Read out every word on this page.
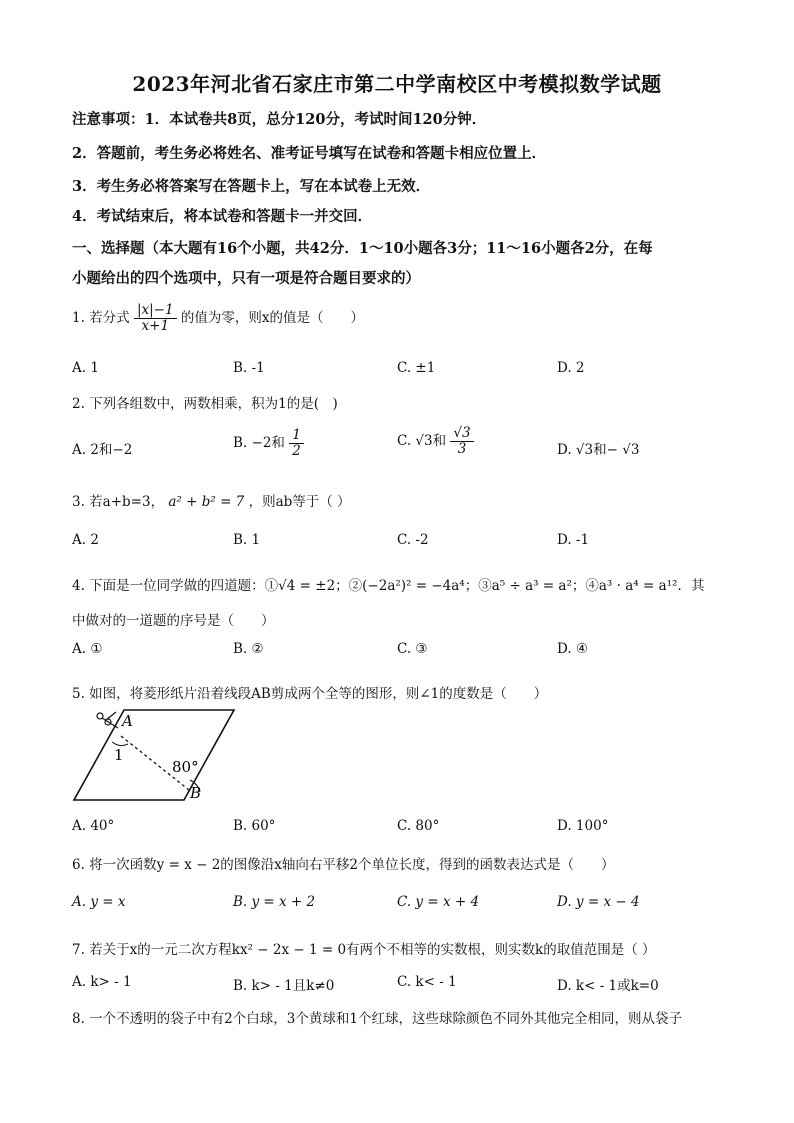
2023年河北省石家庄市第二中学南校区中考模拟数学试题
注意事项：1．本试卷共8页，总分120分，考试时间120分钟．
2．答题前，考生务必将姓名、准考证号填写在试卷和答题卡相应位置上．
3．考生务必将答案写在答题卡上，写在本试卷上无效．
4．考试结束后，将本试卷和答题卡一并交回．
一、选择题（本大题有16个小题，共42分．1～10小题各3分；11～16小题各2分，在每
小题给出的四个选项中，只有一项是符合题目要求的）
1. 若分式 $\frac{|x|-1}{x+1}$ 的值为零，则x的值是（　　）
A. 1	B. -1	C. ±1	D. 2
2. 下列各组数中，两数相乘，积为1的是(　)
A. 2和−2	B. −2和 $\frac{1}{2}$	C. √3和 $\frac{√3}{3}$	D. √3和− √3
3. 若a+b=3， a² + b² = 7 ，则ab等于（ ）
A. 2	B. 1	C. -2	D. -1
4. 下面是一位同学做的四道题：①√4 = ±2；②(−2a²)² = −4a⁴；③a⁵ ÷ a³ = a²；④a³ · a⁴ = a¹²．其
中做对的一道题的序号是（　　）
A. ①	B. ②	C. ③	D. ④
5. 如图，将菱形纸片沿着线段AB剪成两个全等的图形，则∠1的度数是（　　）
A
1
80°
B
A. 40°	B. 60°	C. 80°	D. 100°
6. 将一次函数y = x − 2的图像沿x轴向右平移2个单位长度，得到的函数表达式是（　　）
A. y = x	B. y = x + 2	C. y = x + 4	D. y = x − 4
7. 若关于x的一元二次方程kx² − 2x − 1 = 0有两个不相等的实数根，则实数k的取值范围是（ ）
A. k> - 1	B. k> - 1且k≠0	C. k< - 1	D. k< - 1或k=0
8. 一个不透明的袋子中有2个白球，3个黄球和1个红球，这些球除颜色不同外其他完全相同，则从袋子
